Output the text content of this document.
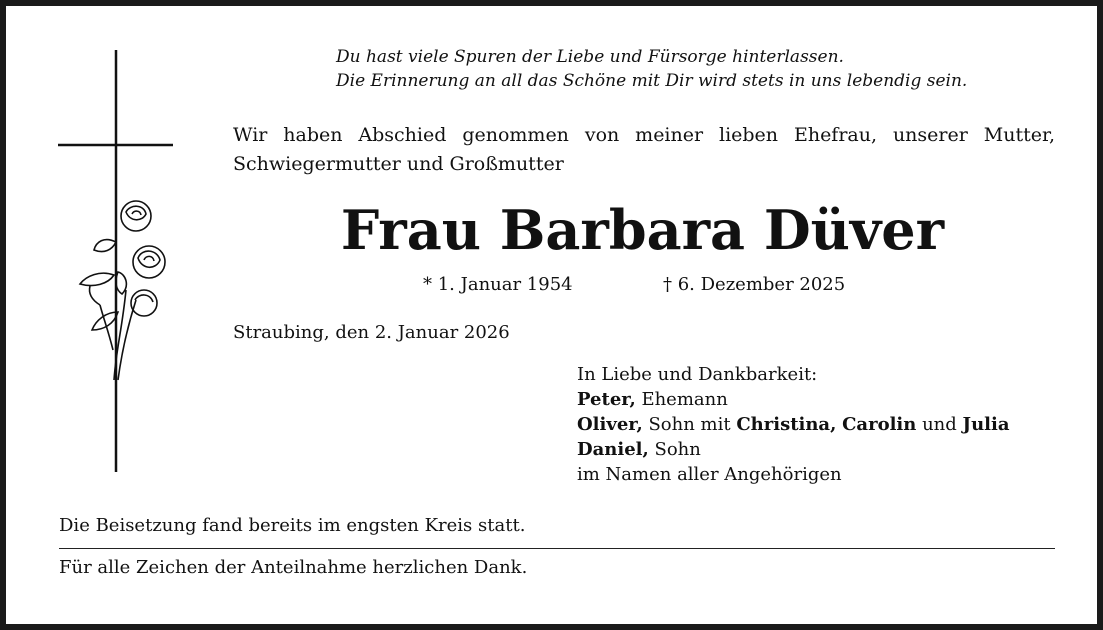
Du hast viele Spuren der Liebe und Fürsorge hinterlassen.
Die Erinnerung an all das Schöne mit Dir wird stets in uns lebendig sein.
Wir haben Abschied genommen von meiner lieben Ehefrau, unserer Mutter, Schwiegermutter und Großmutter
Frau Barbara Düver
* 1. Januar 1954	† 6. Dezember 2025
Straubing, den 2. Januar 2026
In Liebe und Dankbarkeit:
Peter, Ehemann
Oliver, Sohn mit Christina, Carolin und Julia
Daniel, Sohn
im Namen aller Angehörigen
Die Beisetzung fand bereits im engsten Kreis statt.
Für alle Zeichen der Anteilnahme herzlichen Dank.
